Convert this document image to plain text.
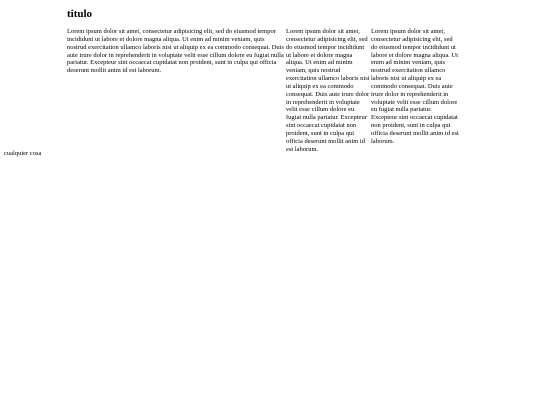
titulo

Lorem ipsum dolor sit amet, consectetur adipisicing elit, sed do eiusmod tempor incididunt ut labore et dolore magna aliqua. Ut enim ad minim veniam, quis nostrud exercitation ullamco laboris nisi ut aliquip ex ea commodo consequat. Duis aute irure dolor in reprehenderit in voluptate velit esse cillum dolore eu fugiat nulla pariatur. Excepteur sint occaecat cupidatat non proident, sunt in culpa qui officia deserunt mollit anim id est laborum.

Lorem ipsum dolor sit amet, consectetur adipisicing elit, sed do eiusmod tempor incididunt ut labore et dolore magna aliqua. Ut enim ad minim veniam, quis nostrud exercitation ullamco laboris nisi ut aliquip ex ea commodo consequat. Duis aute irure dolor in reprehenderit in voluptate velit esse cillum dolore eu fugiat nulla pariatur. Excepteur sint occaecat cupidatat non proident, sunt in culpa qui officia deserunt mollit anim id est laborum.

Lorem ipsum dolor sit amet, consectetur adipisicing elit, sed do eiusmod tempor incididunt ut labore et dolore magna aliqua. Ut enim ad minim veniam, quis nostrud exercitation ullamco laboris nisi ut aliquip ex ea commodo consequat. Duis aute irure dolor in reprehenderit in voluptate velit esse cillum dolore eu fugiat nulla pariatur. Excepteur sint occaecat cupidatat non proident, sunt in culpa qui officia deserunt mollit anim id est laborum.

cualquier cosa
